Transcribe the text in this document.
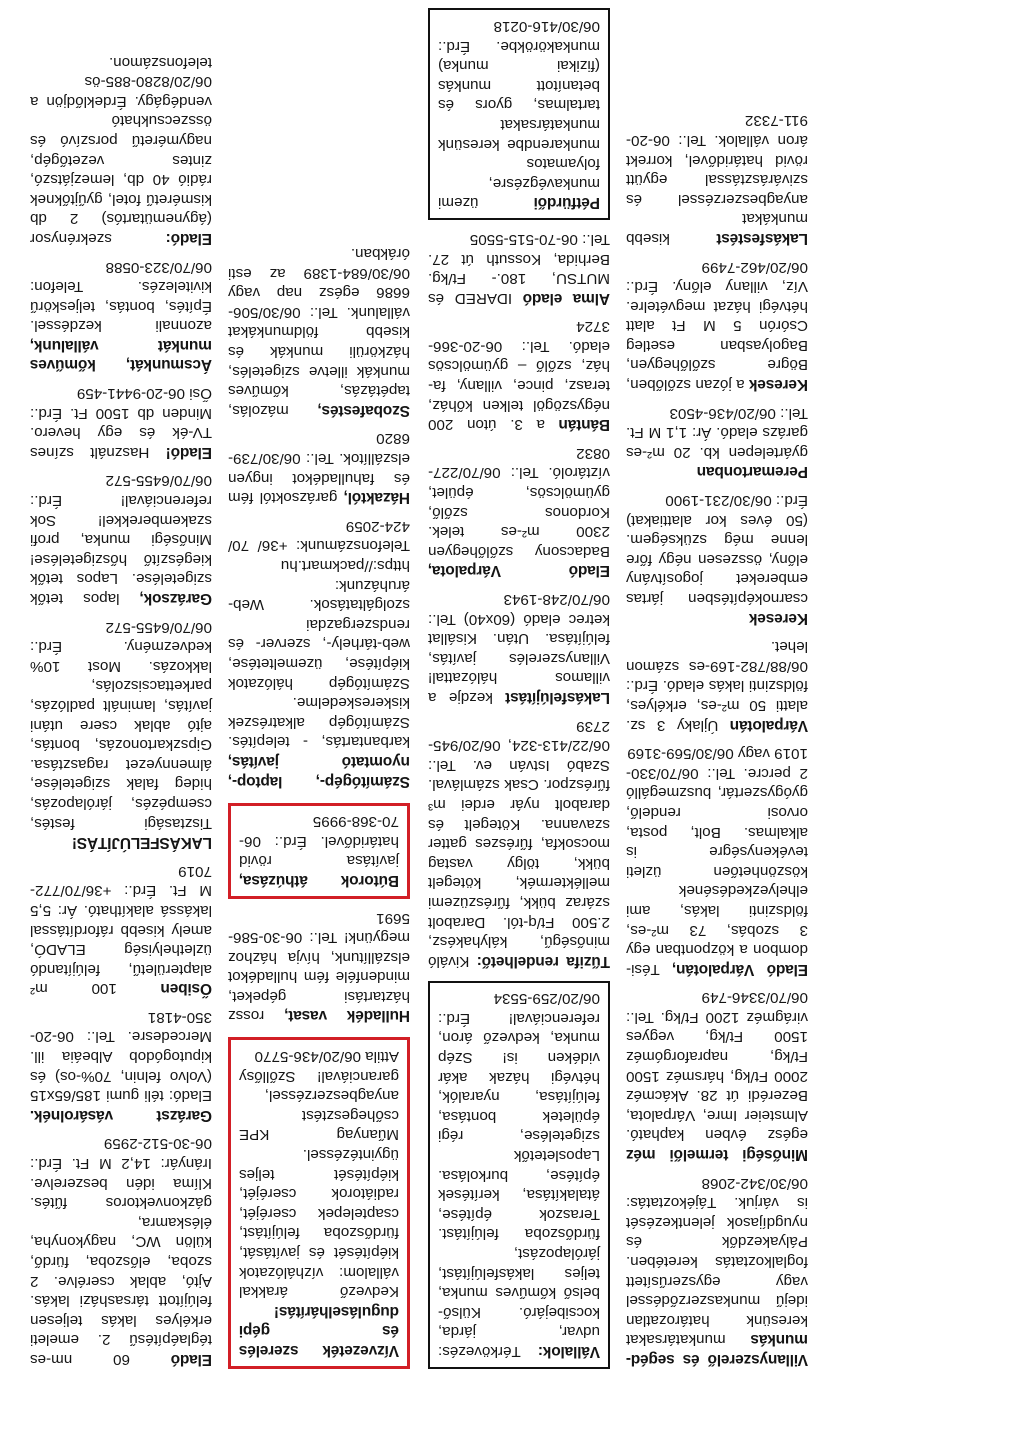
Villanyszerelő és segéd-munkás munkatársakat keresünk határozatlan idejű munkaszerződéssel vagy egyszerűsített foglalkoztatás keretében. Pályakezdők és nyugdíjasok jelentkezését is várjuk. Tájékoztatás: 06/30/342-2068

Minőségi termelői méz egész évben kapható. Almsteier Imre, Várpalota, Bezerédi út 28. Akácméz 2000 Ft/kg, hársméz 1500 Ft/kg, napraforgóméz 1500 Ft/kg, vegyes virágméz 1200 Ft/kg. Tel.: 06/70/3346-749

Eladó Várpalotán, Tési-dombon a központban egy 3 szobás, 73 m²-es, földszinti lakás, ami elhelyezkedésének köszönhetően üzleti tevékenységre is alkalmas. Bolt, posta, orvosi rendelő, gyógyszertár, buszmegálló 2 percre. Tel.: 06/70/330-1019 vagy 06/30/569-3169

Várpalotán Újlaky 3 sz. alatti 50 m²-es, erkélyes, földszinti lakás eladó. Érd.: 06/88/782-169-es számon lehet.

Keresek csarnoképítésben jártas embereket jogosítvány előny, összesen négy főre lenne még szükségem. (50 éves kor alattiakat) Érd.: 06/30/231-1900

Peremartonban gyártelepen kb. 20 m²-es garázs eladó. Ár: 1,1 M Ft. Tel.: 06/20/436-4503

Keresek a józan szőlőben, Bögre szőlőhegyen, Bagolyasban esetleg Csórón 5 M Ft alatt hétvégi házat megvételre. Víz, villany előny. Érd.: 06/20/462-7499

Lakásfestést kisebb munkákat anyagbeszerzéssel és szivárásztással együtt rövid határidővel, korrekt áron vállalok. Tel.: 06-20-911-7332

Vállalok: Térkövezés: udvar, járda, kocsibejáró. Külső-belső kőműves munka, teljes lakásfelújítást, járólapozást, fürdőszoba felújítást. Teraszok építése, átalakítása, kerítések építése, burkolása. Laposletetők szigetelése, régi épületek bontása, felújítása, nyaralók, hétvégi házak akár vidéken is! Szép munka, kedvező áron, referenciával! Érd.: 06/20/259-5534

Tűzifa rendelhető: Kiváló minőségű, kályhakész, 2.500 Ft/q-tól. Darabolt száraz bükk, fűrészüzemi melléktermék, kötegelt bükk, tölgy vastag mocsokfa, fűrészes gatter szavanna. Kötegelt és darabolt nyár erdei m³ fűrészpor. Csak számlával. Szabó István ev. Tel.: 06/22/413-324, 06/20/945-2739

Lakásfelújítást kezdje a villamos hálózattal! Villanyszerelés javítás, felújítása. Után. Kisállat ketrec eladó (60x40) Tel.: 06/70/248-1943

Eladó Várpalota, Badacsony szőlőhegyen 2300 m²-es telek. Kordonos szőlő, gyümölcsös, épület, víztároló. Tel.: 06/70/227-0832

Bántán a 3. úton 200 négyszögöl telken kőház, terasz, pince, villany, fa-ház, szőlő – gyümölcsös eladó. Tel.: 06-20-366-3724

Alma eladó IDARED és MUTSU, 180.- Ft/kg. Berhida, Kossuth út 27. Tel.: 06-70-515-5505

Pétfürdői üzemi munkavégzésre, folyamatos munkarendbe keresünk munkatársakat tartalmas, gyors és betanított munkás (fizikai munka) munkakörökbe. Érd.: 06/30/416-0218

Vízvezeték szerelés és gépi duguláselhárítás! Kedvező árakkal vállalom: vízhálózatok kiépítését és javítását, fürdőszoba felújítást, csaptelepek cseréjét, radiátorok cseréjét, kiépítését teljes ügyintézéssel. Műanyag KPE csőhegesztést anyagbeszerzéssel, garanciával! Szőllősy Attila 06/20/436-5770

Hulladék vasat, rossz háztartási gépeket, mindenféle fém hulladékot elszállítunk, hívja házhoz megyünk! Tel.: 06-30-586-5691

Bútorok áthúzása, javítása rövid határidővel. Érd.: 06-70-368-9995

Számítógép-, laptop-, nyomtató javítás, karbantartás, - telepítés. Számítógép alkatrészek kiskereskedelme. Számítógép hálózatok kiépítése, üzemeltetése, web-tárhely-, szerver- és rendszergazdai szolgáltatások. Web-áruházunk: https://packmart.hu Telefonszámunk: +36/ 70/ 424-2059

Házaktól, garázsoktól fém és fahulladékot ingyen elszállítok. Tel.: 06/30/739-6820

Szobafestés, mázolás, tapétázás, kőműves munkák illetve szigetelés, házkörüli munkák és kisebb földmunkákat vállalunk. Tel.: 06/30/506-6686 egész nap vagy 06/30/684-1389 az esti órákban.

Eladó 60 nm-es téglaépítésű 2. emeleti erkélyes lakás teljesen felújított társasházi lakás. Ajtó, ablak cserélve. 2 szoba, előszoba, fürdő, külön WC, nagykonyha, éléskamra, gázkonvektoros fűtés. Klíma idén beszerelve. Irányár: 14,2 M Ft. Érd.: 06-30-512-2959

Garázst vásárolnék. Eladó: téli gumi 185/65x15 (Volvo felnin, 70%-os) és kiputogódob Albeáia ill. Mercedesre. Tel.: 06-20-350-4181

Ősiben 100 m² alapterületű, felújítandó üzlethelyiség ELADÓ, amely kisebb ráfordítással lakássá alakítható. Ár: 5,5 M Ft. Érd.: +36/70/772-7019

LAKÁSFELÚJÍTÁS! Tisztasági festés, csempézés, járólapozás, hideg falak szigetelése, álmennyezet ragasztása. Gipszkartonozás, bontás, ajtó ablak csere utáni javítás, laminált padlózás, parkettacsiszolás, lakkozás. Most 10% kedvezmény. Érd.: 06/70/6455-572

Garázsok, lapos tetők szigetelése. Lapos tetők kiegészítő hőszigetelése! Minőségi munka, profi szakemberekkel! Sok referenciával! Érd.: 06/70/6455-572

Eladó! Használt színes TV-ék és egy hevero. Minden db 1500 Ft. Érd.: Ősi 06-20-9441-459

Ácsmunkát, kőműves munkát vállalunk, azonnali kezdéssel. Építés, bontás, teljeskörű kivitelezés. Telefon: 06/70/323-0588

Eladó: szekrénysor (ágynemütartós) 2 db kisméretű fotel, gyűjtőknek rádió 40 db, lemezjátszó, zintes vezetőgép, nagyméretű porszívó és összecsukható vendégágy. Érdeklődjön a 06/20/8280-885-ös telefonszámon.
